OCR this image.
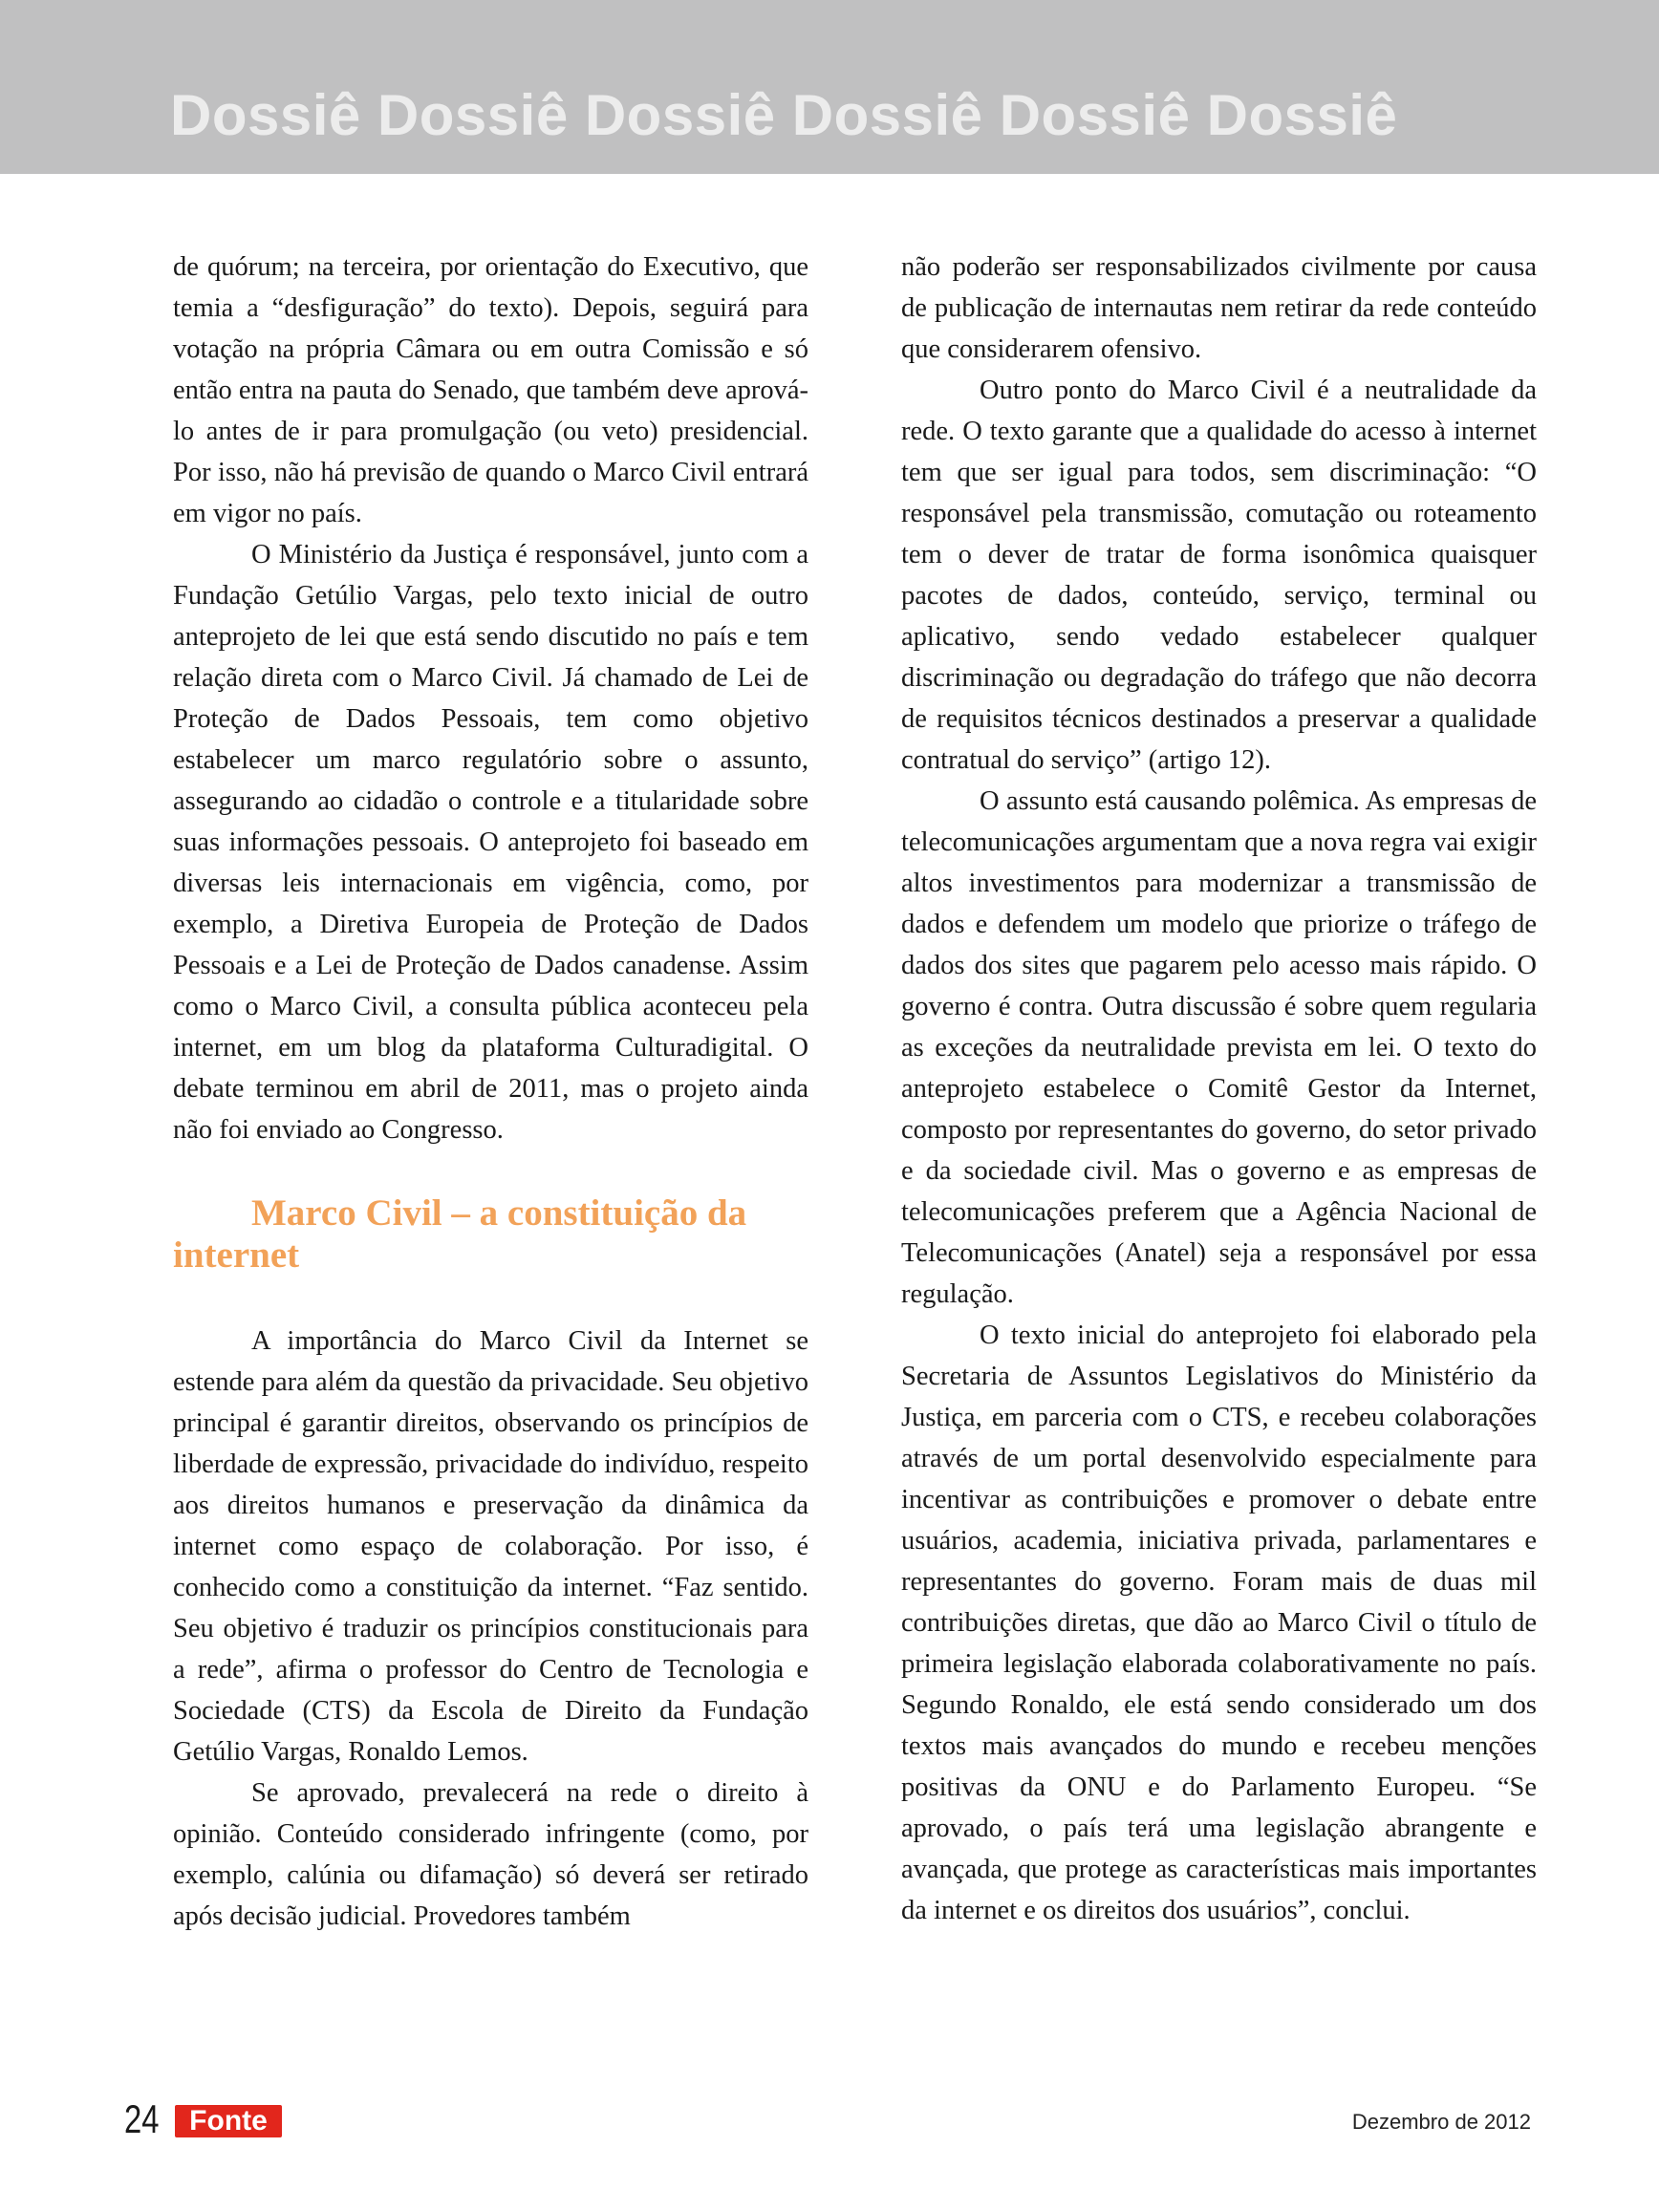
Dossiê Dossiê Dossiê Dossiê Dossiê Dossiê

de quórum; na terceira, por orientação do Executivo, que temia a “desfiguração” do texto). Depois, seguirá para votação na própria Câmara ou em outra Comissão e só então entra na pauta do Senado, que também deve aprová-lo antes de ir para promulgação (ou veto) presidencial. Por isso, não há previsão de quando o Marco Civil entrará em vigor no país.

O Ministério da Justiça é responsável, junto com a Fundação Getúlio Vargas, pelo texto inicial de outro anteprojeto de lei que está sendo discutido no país e tem relação direta com o Marco Civil. Já chamado de Lei de Proteção de Dados Pessoais, tem como objetivo estabelecer um marco regulatório sobre o assunto, assegurando ao cidadão o controle e a titularidade sobre suas informações pessoais. O anteprojeto foi baseado em diversas leis internacionais em vigência, como, por exemplo, a Diretiva Europeia de Proteção de Dados Pessoais e a Lei de Proteção de Dados canadense. Assim como o Marco Civil, a consulta pública aconteceu pela internet, em um blog da plataforma Culturadigital. O debate terminou em abril de 2011, mas o projeto ainda não foi enviado ao Congresso.

Marco Civil – a constituição da
internet

A importância do Marco Civil da Internet se estende para além da questão da privacidade. Seu objetivo principal é garantir direitos, observando os princípios de liberdade de expressão, privacidade do indivíduo, respeito aos direitos humanos e preservação da dinâmica da internet como espaço de colaboração. Por isso, é conhecido como a constituição da internet. “Faz sentido. Seu objetivo é traduzir os princípios constitucionais para a rede”, afirma o professor do Centro de Tecnologia e Sociedade (CTS) da Escola de Direito da Fundação Getúlio Vargas, Ronaldo Lemos.

Se aprovado, prevalecerá na rede o direito à opinião. Conteúdo considerado infringente (como, por exemplo, calúnia ou difamação) só deverá ser retirado após decisão judicial. Provedores também

não poderão ser responsabilizados civilmente por causa de publicação de internautas nem retirar da rede conteúdo que considerarem ofensivo.

Outro ponto do Marco Civil é a neutralidade da rede. O texto garante que a qualidade do acesso à internet tem que ser igual para todos, sem discriminação: “O responsável pela transmissão, comutação ou roteamento tem o dever de tratar de forma isonômica quaisquer pacotes de dados, conteúdo, serviço, terminal ou aplicativo, sendo vedado estabelecer qualquer discriminação ou degradação do tráfego que não decorra de requisitos técnicos destinados a preservar a qualidade contratual do serviço” (artigo 12).

O assunto está causando polêmica. As empresas de telecomunicações argumentam que a nova regra vai exigir altos investimentos para modernizar a transmissão de dados e defendem um modelo que priorize o tráfego de dados dos sites que pagarem pelo acesso mais rápido. O governo é contra. Outra discussão é sobre quem regularia as exceções da neutralidade prevista em lei. O texto do anteprojeto estabelece o Comitê Gestor da Internet, composto por representantes do governo, do setor privado e da sociedade civil. Mas o governo e as empresas de telecomunicações preferem que a Agência Nacional de Telecomunicações (Anatel) seja a responsável por essa regulação.

O texto inicial do anteprojeto foi elaborado pela Secretaria de Assuntos Legislativos do Ministério da Justiça, em parceria com o CTS, e recebeu colaborações através de um portal desenvolvido especialmente para incentivar as contribuições e promover o debate entre usuários, academia, iniciativa privada, parlamentares e representantes do governo. Foram mais de duas mil contribuições diretas, que dão ao Marco Civil o título de primeira legislação elaborada colaborativamente no país. Segundo Ronaldo, ele está sendo considerado um dos textos mais avançados do mundo e recebeu menções positivas da ONU e do Parlamento Europeu. “Se aprovado, o país terá uma legislação abrangente e avançada, que protege as características mais importantes da internet e os direitos dos usuários”, conclui.

24	Fonte	Dezembro de 2012
